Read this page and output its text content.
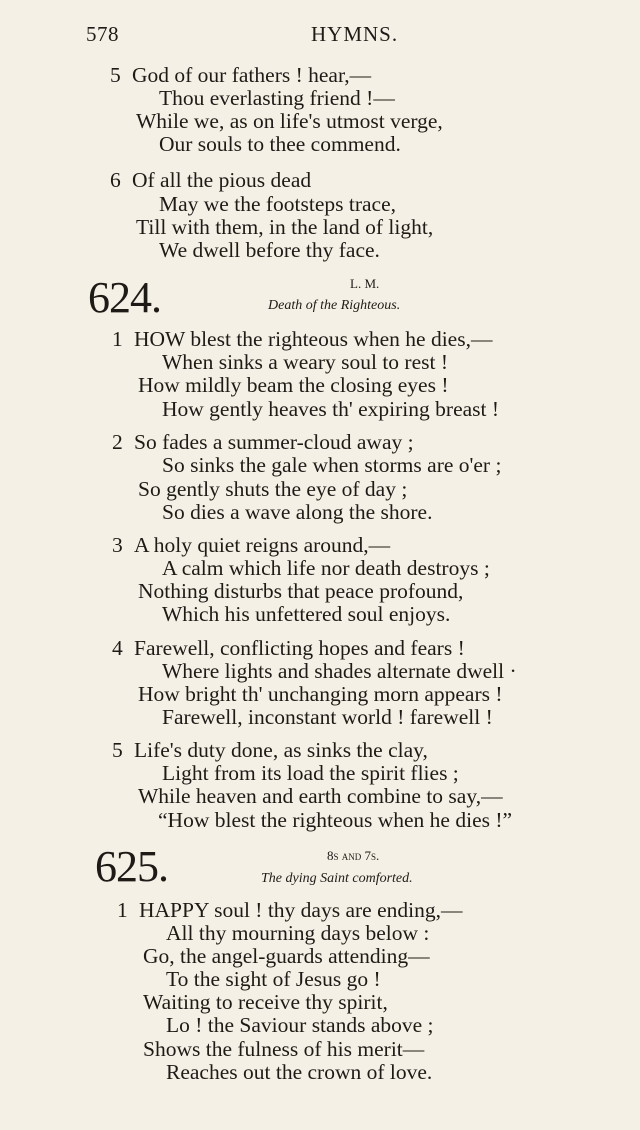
578	HYMNS.
5 God of our fathers ! hear,—
Thou everlasting friend !—
While we, as on life's utmost verge,
Our souls to thee commend.
6 Of all the pious dead
May we the footsteps trace,
Till with them, in the land of light,
We dwell before thy face.
624.	L. M.
Death of the Righteous.
1 HOW blest the righteous when he dies,—
When sinks a weary soul to rest !
How mildly beam the closing eyes !
How gently heaves th' expiring breast !
2 So fades a summer-cloud away ;
So sinks the gale when storms are o'er ;
So gently shuts the eye of day ;
So dies a wave along the shore.
3 A holy quiet reigns around,—
A calm which life nor death destroys ;
Nothing disturbs that peace profound,
Which his unfettered soul enjoys.
4 Farewell, conflicting hopes and fears !
Where lights and shades alternate dwell ·
How bright th' unchanging morn appears !
Farewell, inconstant world ! farewell !
5 Life's duty done, as sinks the clay,
Light from its load the spirit flies ;
While heaven and earth combine to say,—
“How blest the righteous when he dies !”
625.	8s and 7s.
The dying Saint comforted.
1 HAPPY soul ! thy days are ending,—
All thy mourning days below :
Go, the angel-guards attending—
To the sight of Jesus go !
Waiting to receive thy spirit,
Lo ! the Saviour stands above ;
Shows the fulness of his merit—
Reaches out the crown of love.
